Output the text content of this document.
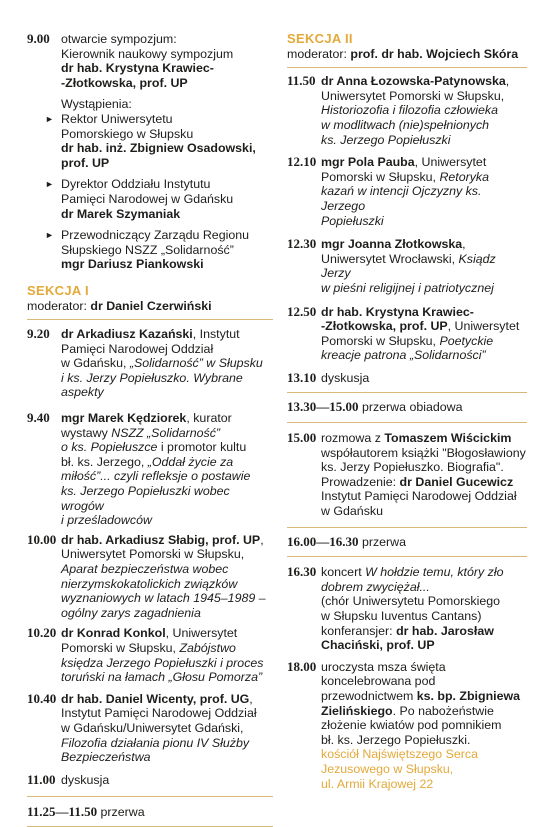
9.00 otwarcie sympozjum:
Kierownik naukowy sympozjum
dr hab. Krystyna Krawiec-
-Złotkowska, prof. UP
Wystąpienia:
► Rektor Uniwersytetu
Pomorskiego w Słupsku
dr hab. inż. Zbigniew Osadowski,
prof. UP
► Dyrektor Oddziału Instytutu
Pamięci Narodowej w Gdańsku
dr Marek Szymaniak
► Przewodniczący Zarządu Regionu
Słupskiego NSZZ „Solidarność”
mgr Dariusz Piankowski
SEKCJA I
moderator: dr Daniel Czerwiński
9.20 dr Arkadiusz Kazański, Instytut
Pamięci Narodowej Oddział
w Gdańsku, „Solidarność” w Słupsku
i ks. Jerzy Popiełuszko. Wybrane
aspekty
9.40 mgr Marek Kędziorek, kurator
wystawy NSZZ „Solidarność”
o ks. Popiełuszce i promotor kultu
bł. ks. Jerzego, „Oddał życie za
miłość”... czyli refleksje o postawie
ks. Jerzego Popiełuszki wobec wrogów
i prześladowców
10.00 dr hab. Arkadiusz Słabig, prof. UP,
Uniwersytet Pomorski w Słupsku,
Aparat bezpieczeństwa wobec
nierzymskokatolickich związków
wyznaniowych w latach 1945–1989 –
ogólny zarys zagadnienia
10.20 dr Konrad Konkol, Uniwersytet
Pomorski w Słupsku, Zabójstwo
księdza Jerzego Popiełuszki i proces
toruński na łamach „Głosu Pomorza”
10.40 dr hab. Daniel Wicenty, prof. UG,
Instytut Pamięci Narodowej Oddział
w Gdańsku/Uniwersytet Gdański,
Filozofia działania pionu IV Służby
Bezpieczeństwa
11.00 dyskusja
11.25—11.50 przerwa
SEKCJA II
moderator: prof. dr hab. Wojciech Skóra
11.50 dr Anna Łozowska-Patynowska,
Uniwersytet Pomorski w Słupsku,
Historiozofia i filozofia człowieka
w modlitwach (nie)spełnionych
ks. Jerzego Popiełuszki
12.10 mgr Pola Pauba, Uniwersytet
Pomorski w Słupsku, Retoryka
kazań w intencji Ojczyzny ks. Jerzego
Popiełuszki
12.30 mgr Joanna Złotkowska,
Uniwersytet Wrocławski, Ksiądz Jerzy
w pieśni religijnej i patriotycznej
12.50 dr hab. Krystyna Krawiec-
-Złotkowska, prof. UP, Uniwersytet
Pomorski w Słupsku, Poetyckie
kreacje patrona „Solidarności”
13.10 dyskusja
13.30—15.00 przerwa obiadowa
15.00 rozmowa z Tomaszem Wiścickim
współautorem książki "Błogosławiony
ks. Jerzy Popiełuszko. Biografia".
Prowadzenie: dr Daniel Gucewicz
Instytut Pamięci Narodowej Oddział
w Gdańsku
16.00—16.30 przerwa
16.30 koncert W hołdzie temu, który zło
dobrem zwyciężał...
(chór Uniwersytetu Pomorskiego
w Słupsku Iuventus Cantans)
konferansjer: dr hab. Jarosław
Chaciński, prof. UP
18.00 uroczysta msza święta
koncelebrowana pod
przewodnictwem ks. bp. Zbigniewa
Zielińskiego. Po nabożeństwie
złożenie kwiatów pod pomnikiem
bł. ks. Jerzego Popiełuszki.
kościół Najświętszego Serca
Jezusowego w Słupsku,
ul. Armii Krajowej 22
